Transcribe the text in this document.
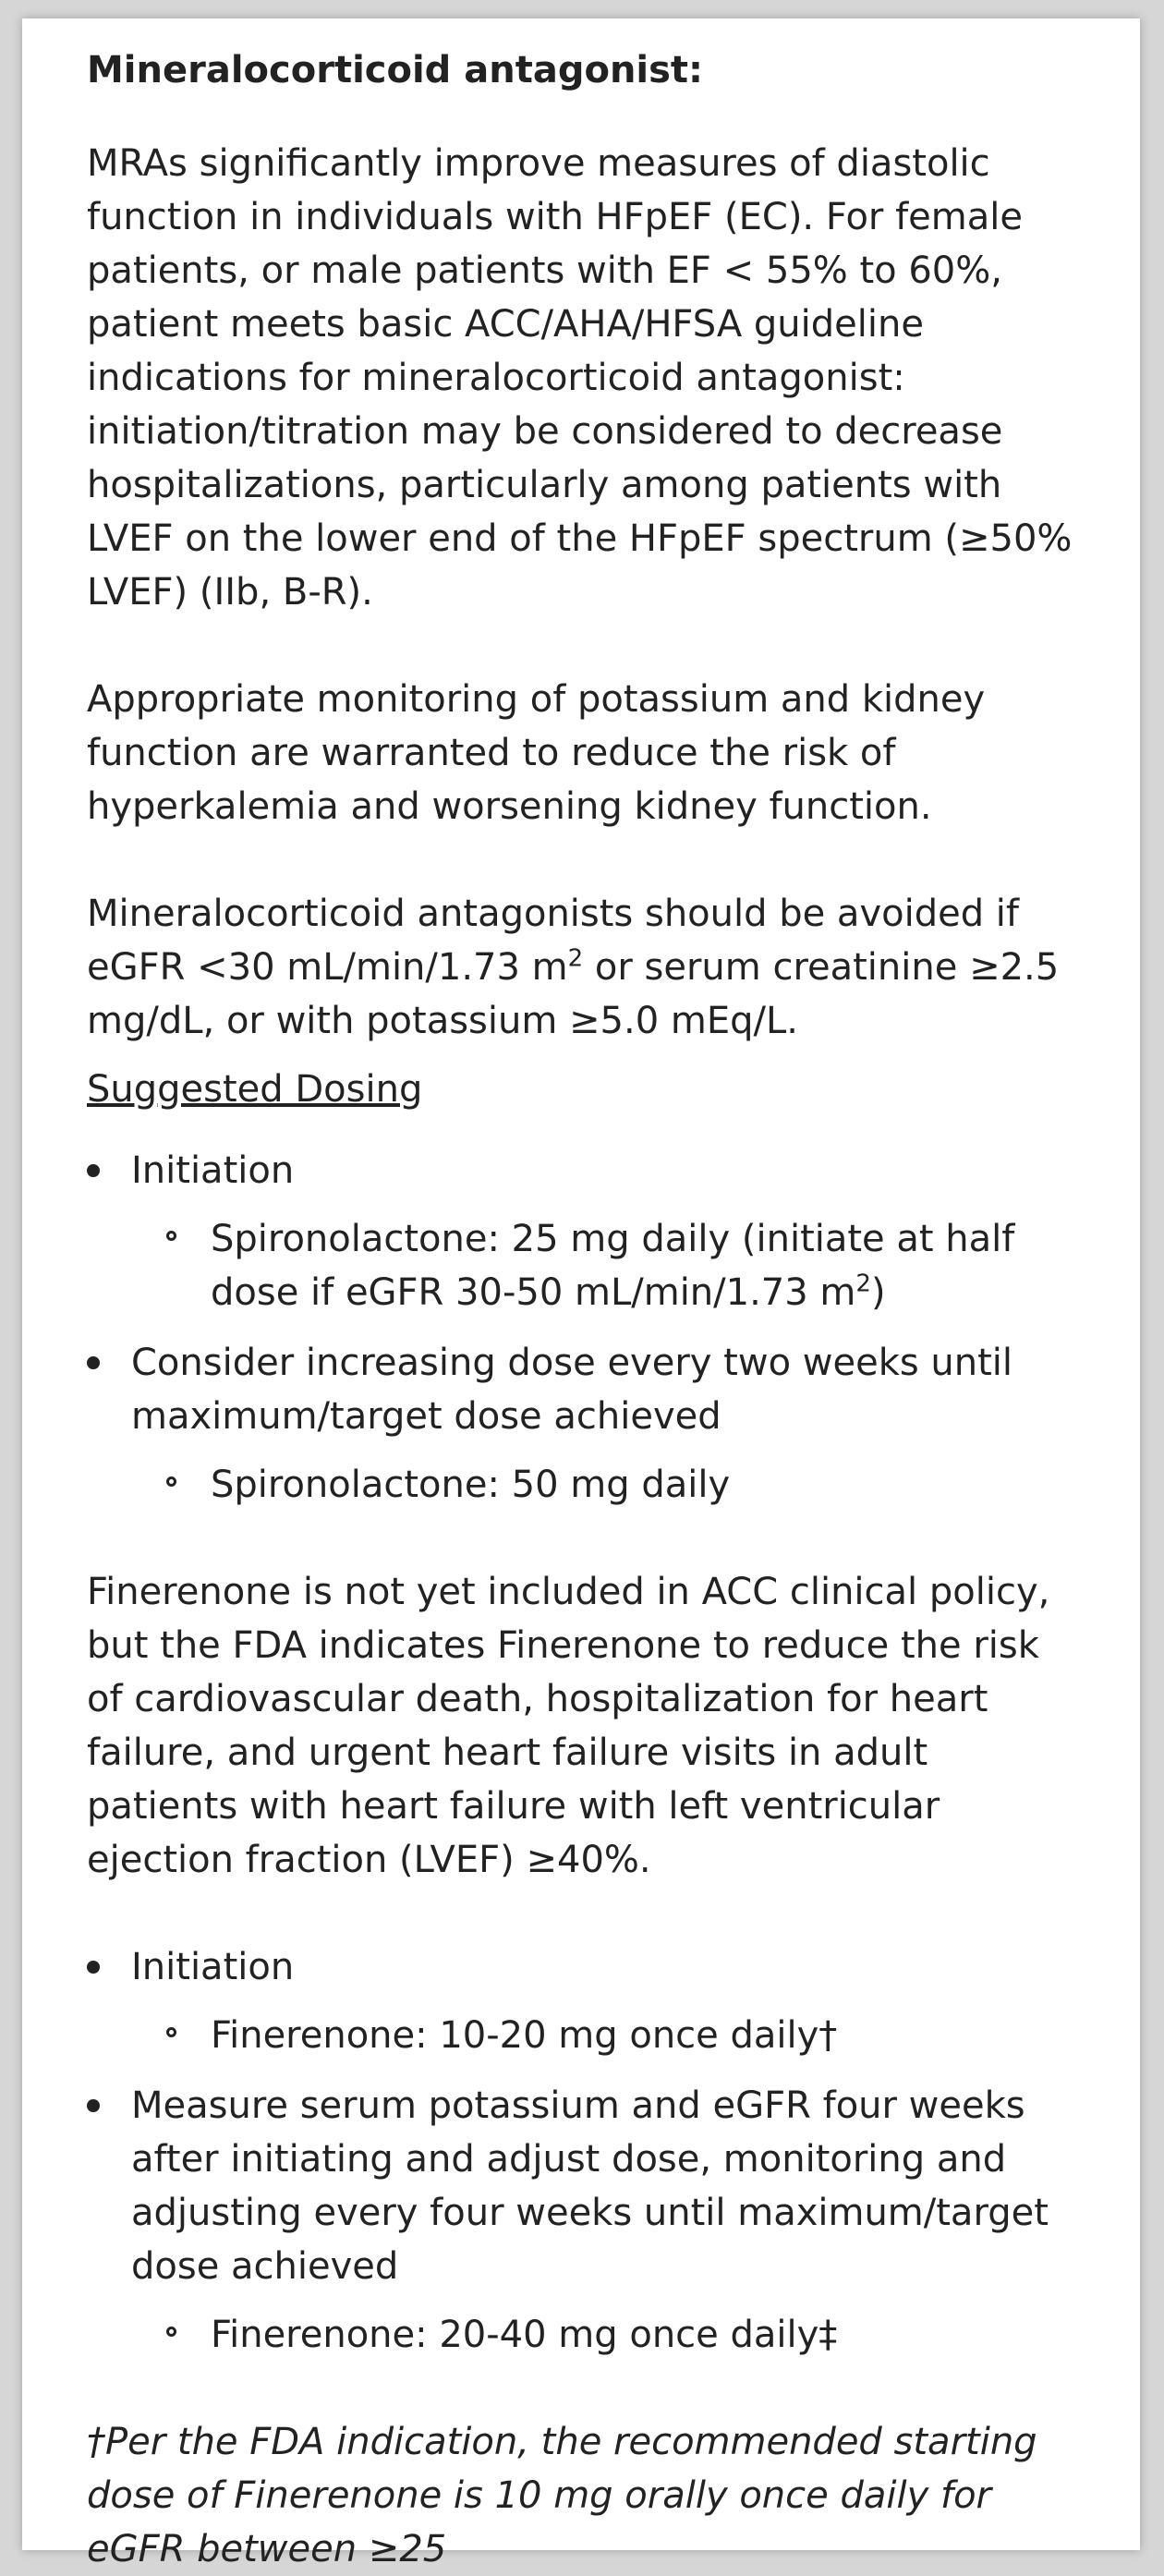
Mineralocorticoid antagonist:

MRAs significantly improve measures of diastolic function in individuals with HFpEF (EC). For female patients, or male patients with EF < 55% to 60%, patient meets basic ACC/AHA/HFSA guideline indications for mineralocorticoid antagonist: initiation/titration may be considered to decrease hospitalizations, particularly among patients with LVEF on the lower end of the HFpEF spectrum (≥50% LVEF) (IIb, B-R).

Appropriate monitoring of potassium and kidney function are warranted to reduce the risk of hyperkalemia and worsening kidney function.

Mineralocorticoid antagonists should be avoided if eGFR <30 mL/min/1.73 $m^2$ or serum creatinine ≥2.5 mg/dL, or with potassium ≥5.0 mEq/L.

Suggested Dosing
Initiation
Spironolactone: 25 mg daily (initiate at half dose if eGFR 30-50 mL/min/1.73 $m^2$)
Consider increasing dose every two weeks until maximum/target dose achieved
Spironolactone: 50 mg daily

Finerenone is not yet included in ACC clinical policy, but the FDA indicates Finerenone to reduce the risk of cardiovascular death, hospitalization for heart failure, and urgent heart failure visits in adult patients with heart failure with left ventricular ejection fraction (LVEF) ≥40%.

Initiation
Finerenone: 10-20 mg once daily†
Measure serum potassium and eGFR four weeks after initiating and adjust dose, monitoring and adjusting every four weeks until maximum/target dose achieved
Finerenone: 20-40 mg once daily‡

†Per the FDA indication, the recommended starting dose of Finerenone is 10 mg orally once daily for eGFR between ≥25
